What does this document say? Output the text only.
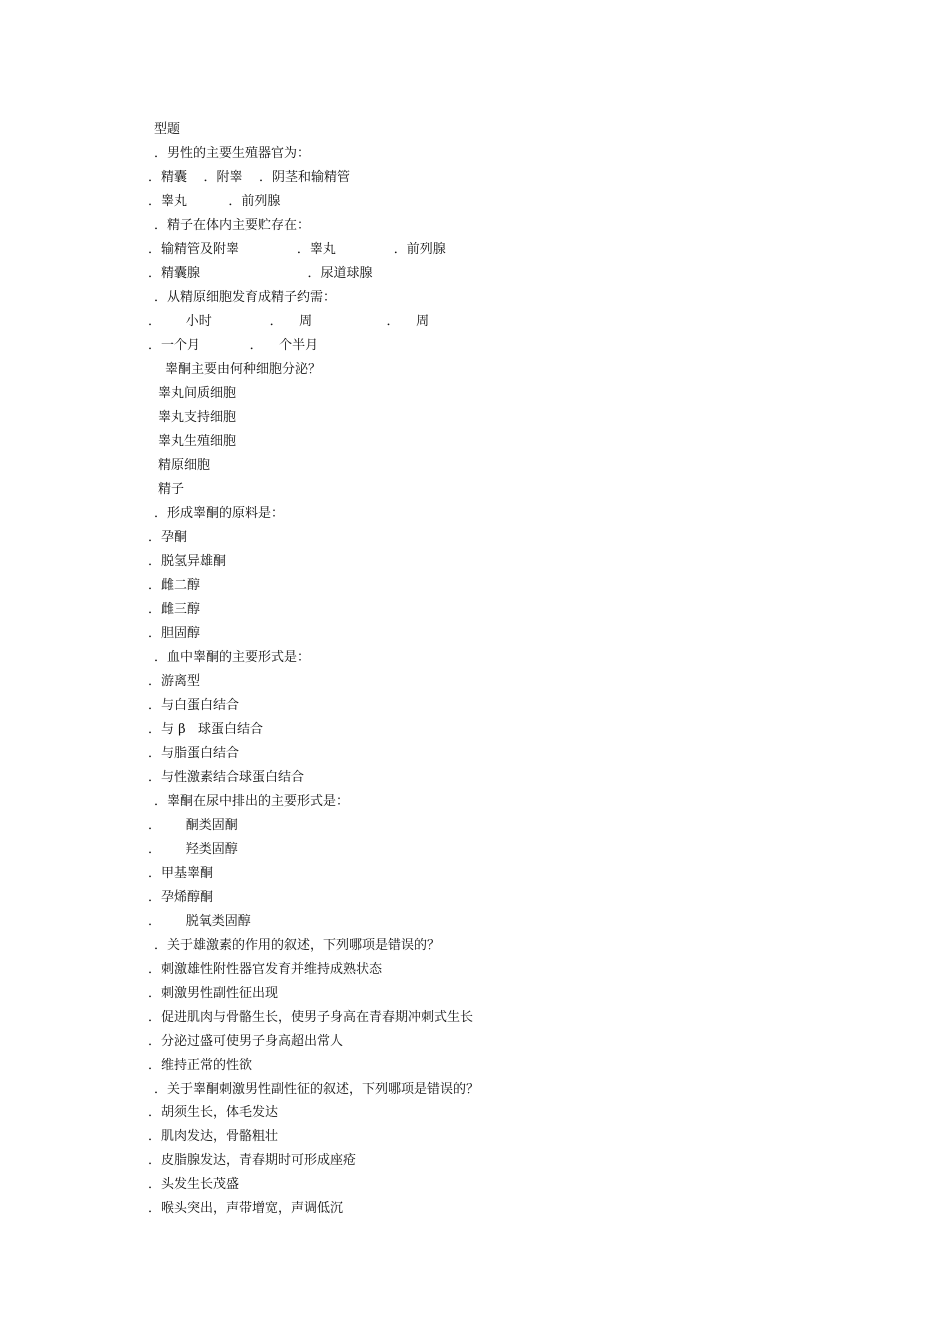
型题
．男性的主要生殖器官为：
．精囊    ．附睾    ．阴茎和输精管
．睾丸          ．前列腺
．精子在体内主要贮存在：
．输精管及附睾              ．睾丸              ．前列腺
．精囊腺                          ．尿道球腺
．从精原细胞发育成精子约需：
．      小时              ．    周                  ．    周
．一个月            ．    个半月
睾酮主要由何种细胞分泌？
睾丸间质细胞
睾丸支持细胞
睾丸生殖细胞
精原细胞
精子
．形成睾酮的原料是：
．孕酮
．脱氢异雄酮
．雌二醇
．雌三醇
．胆固醇
．血中睾酮的主要形式是：
．游离型
．与白蛋白结合
．与 β   球蛋白结合
．与脂蛋白结合
．与性激素结合球蛋白结合
．睾酮在尿中排出的主要形式是：
．      酮类固酮
．      羟类固醇
．甲基睾酮
．孕烯醇酮
．      脱氧类固醇
．关于雄激素的作用的叙述，下列哪项是错误的？
．刺激雄性附性器官发育并维持成熟状态
．刺激男性副性征出现
．促进肌肉与骨骼生长，使男子身高在青春期冲刺式生长
．分泌过盛可使男子身高超出常人
．维持正常的性欲
．关于睾酮刺激男性副性征的叙述，下列哪项是错误的？
．胡须生长，体毛发达
．肌肉发达，骨骼粗壮
．皮脂腺发达，青春期时可形成座疮
．头发生长茂盛
．喉头突出，声带增宽，声调低沉
